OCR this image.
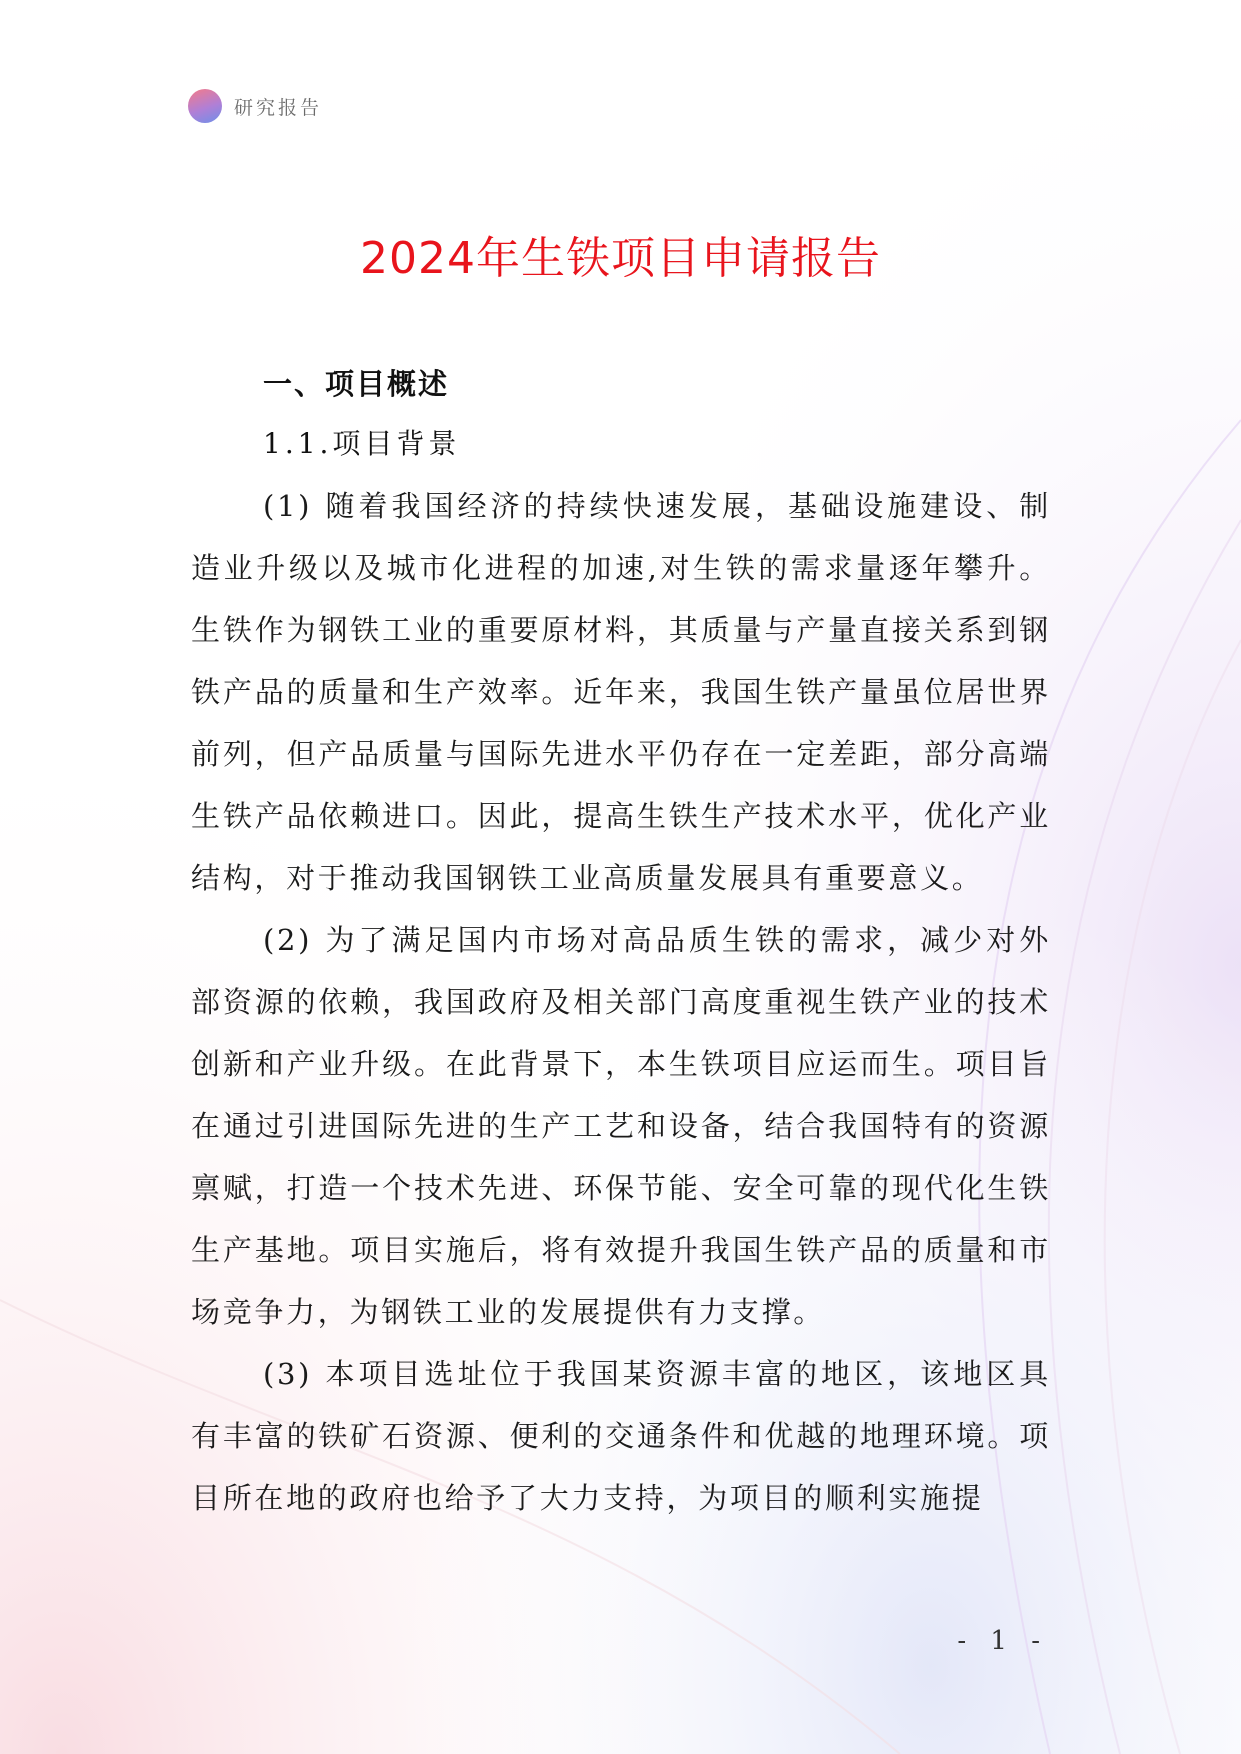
研究报告
2024年生铁项目申请报告
一、项目概述
1.1.项目背景

(1) 随着我国经济的持续快速发展，基础设施建设、制造业升级以及城市化进程的加速,对生铁的需求量逐年攀升。生铁作为钢铁工业的重要原材料，其质量与产量直接关系到钢铁产品的质量和生产效率。近年来，我国生铁产量虽位居世界前列，但产品质量与国际先进水平仍存在一定差距，部分高端生铁产品依赖进口。因此，提高生铁生产技术水平，优化产业结构，对于推动我国钢铁工业高质量发展具有重要意义。

(2) 为了满足国内市场对高品质生铁的需求，减少对外部资源的依赖，我国政府及相关部门高度重视生铁产业的技术创新和产业升级。在此背景下，本生铁项目应运而生。项目旨在通过引进国际先进的生产工艺和设备，结合我国特有的资源禀赋，打造一个技术先进、环保节能、安全可靠的现代化生铁生产基地。项目实施后，将有效提升我国生铁产品的质量和市场竞争力，为钢铁工业的发展提供有力支撑。

(3) 本项目选址位于我国某资源丰富的地区，该地区具有丰富的铁矿石资源、便利的交通条件和优越的地理环境。项目所在地的政府也给予了大力支持，为项目的顺利实施提

- 1 -
